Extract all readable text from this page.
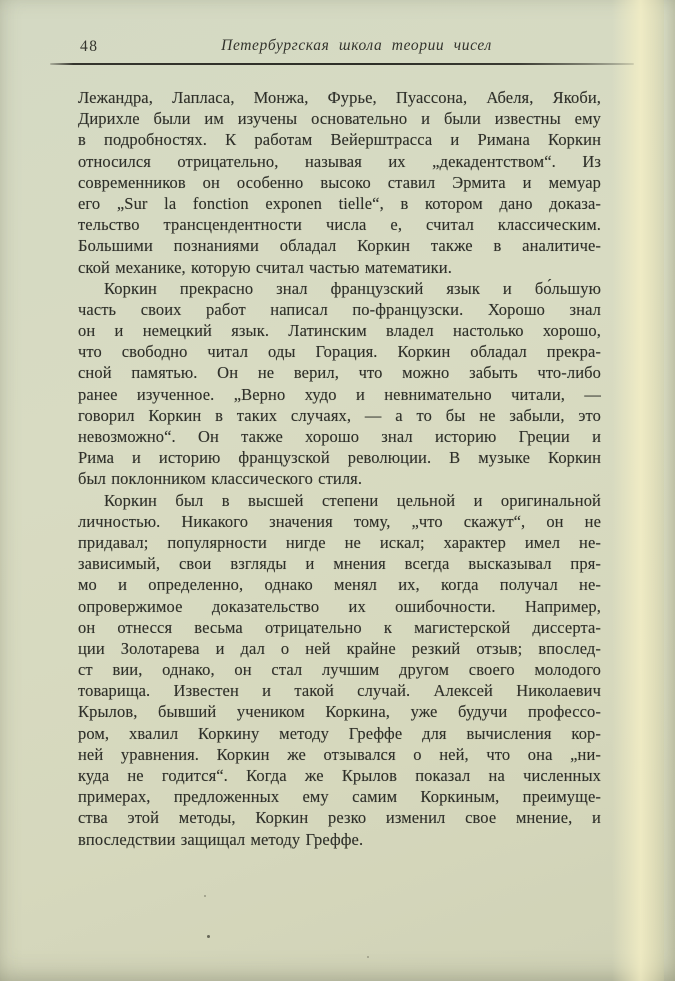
48	Петербургская школа теории чисел
Лежандра, Лапласа, Монжа, Фурье, Пуассона, Абеля, Якоби,
Дирихле были им изучены основательно и были известны ему
в подробностях. К работам Вейерштрасса и Римана Коркин
относился отрицательно, называя их „декадентством“. Из
современников он особенно высоко ставил Эрмита и мемуар
его „Sur la fonction exponen tielle“, в котором дано доказа-
тельство трансцендентности числа е, считал классическим.
Большими познаниями обладал Коркин также в аналитиче-
ской механике, которую считал частью математики.
Коркин прекрасно знал французский язык и бо́льшую
часть своих работ написал по-французски. Хорошо знал
он и немецкий язык. Латинским владел настолько хорошо,
что свободно читал оды Горация. Коркин обладал прекра-
сной памятью. Он не верил, что можно забыть что-либо
ранее изученное. „Верно худо и невнимательно читали, —
говорил Коркин в таких случаях, — а то бы не забыли, это
невозможно“. Он также хорошо знал историю Греции и
Рима и историю французской революции. В музыке Коркин
был поклонником классического стиля.
Коркин был в высшей степени цельной и оригинальной
личностью. Никакого значения тому, „что скажут“, он не
придавал; популярности нигде не искал; характер имел не-
зависимый, свои взгляды и мнения всегда высказывал пря-
мо и определенно, однако менял их, когда получал не-
опровержимое доказательство их ошибочности. Например,
он отнесся весьма отрицательно к магистерской диссерта-
ции Золотарева и дал о ней крайне резкий отзыв; впослед-
ст вии, однако, он стал лучшим другом своего молодого
товарища. Известен и такой случай. Алексей Николаевич
Крылов, бывший учеником Коркина, уже будучи профессо-
ром, хвалил Коркину методу Греффе для вычисления кор-
ней уравнения. Коркин же отзывался о ней, что она „ни-
куда не годится“. Когда же Крылов показал на численных
примерах, предложенных ему самим Коркиным, преимуще-
ства этой методы, Коркин резко изменил свое мнение, и
впоследствии защищал методу Греффе.
